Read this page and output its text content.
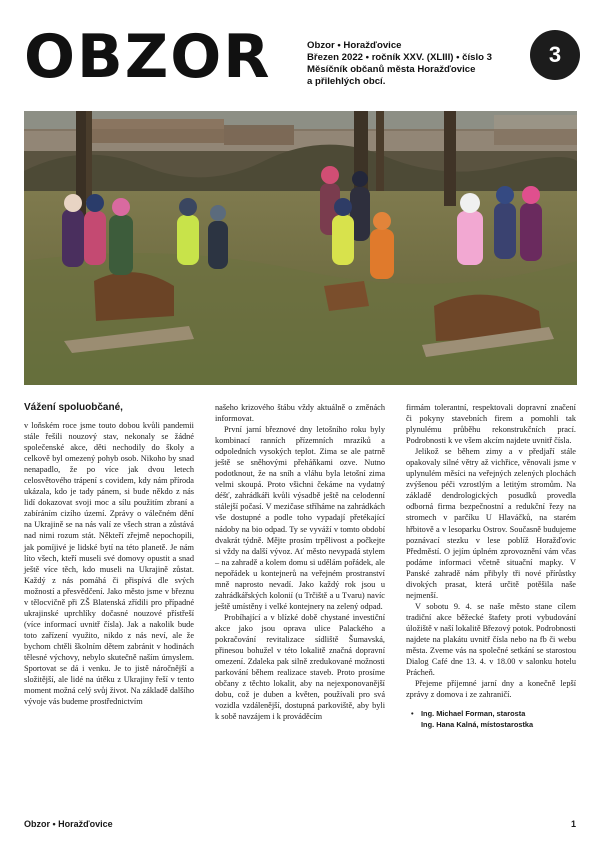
OBZOR	Obzor • Horažďovice
Březen 2022 • ročník XXV. (XLIII) • číslo 3
Měsíčník občanů města Horažďovice
a přilehlých obcí.
3
Vážení spoluobčané,

v loňském roce jsme touto dobou kvůli pandemii stále řešili nouzový stav, nekonaly se žádné společenské akce, děti nechodily do školy a celkově byl omezený pohyb osob. Nikoho by snad nenapadlo, že po více jak dvou letech celosvětového trápení s covidem, kdy nám příroda ukázala, kdo je tady pánem, si bude někdo z nás lidí dokazovat svoji moc a sílu použitím zbraní a zabíráním cizího území. Zprávy o válečném dění na Ukrajině se na nás valí ze všech stran a zůstává nad nimi rozum stát. Někteří zřejmě nepochopili, jak pomíjivé je lidské bytí na této planetě. Je nám líto všech, kteří museli své domovy opustit a snad ještě více těch, kdo museli na Ukrajině zůstat. Každý z nás pomáhá či přispívá dle svých možností a přesvědčení. Jako město jsme v březnu v tělocvičně při ZŠ Blatenská zřídili pro případné ukrajinské uprchlíky dočasné nouzové přístřeší (více informací uvnitř čísla). Jak a nakolik bude toto zařízení využito, nikdo z nás neví, ale že bychom chtěli školním dětem zabránit v hodinách tělesné výchovy, nebylo skutečně naším úmyslem. Sportovat se dá i venku. Je to jistě náročnější a složitější, ale lidé na útěku z Ukrajiny řeší v tento moment možná celý svůj život. Na základě dalšího vývoje vás budeme prostřednictvím

našeho krizového štábu vždy aktuálně o změnách informovat.

První jarní březnové dny letošního roku byly kombinací ranních přízemních mrazíků a odpoledních vysokých teplot. Zima se ale patrně ještě se sněhovými přeháňkami ozve. Nutno podotknout, že na sníh a vláhu byla letošní zima velmi skoupá. Proto všichni čekáme na vydatný déšť, zahrádkáři kvůli výsadbě ještě na celodenní stálejší počasí. V mezičase stříháme na zahrádkách vše dostupné a podle toho vypadají přetékající nádoby na bio odpad. Ty se vyváží v tomto období dvakrát týdně. Mějte prosím trpělivost a počkejte si vždy na další vývoz. Ať město nevypadá stylem – na zahradě a kolem domu si udělám pořádek, ale nepořádek u kontejnerů na veřejném prostranství mně naprosto nevadí. Jako každý rok jsou u zahrádkářských kolonií (u Trčiště a u Tvaru) navíc ještě umístěny i velké kontejnery na zelený odpad.

Probíhající a v blízké době chystané investiční akce jako jsou oprava ulice Palackého a pokračování revitalizace sídliště Šumavská, přinesou bohužel v této lokalitě značná dopravní omezení. Zdaleka pak silně zredukované možnosti parkování během realizace staveb. Proto prosíme občany z těchto lokalit, aby na nejexponovanější dobu, což je duben a květen, používali pro svá vozidla vzdálenější, dostupná parkoviště, aby byli k sobě navzájem i k prováděcím

firmám tolerantní, respektovali dopravní značení či pokyny stavebních firem a pomohli tak plynulému průběhu rekonstrukčních prací. Podrobnosti k ve všem akcím najdete uvnitř čísla.

Jelikož se během zimy a v předjaří stále opakovaly silné větry až vichřice, věnovali jsme v uplynulém měsíci na veřejných zelených plochách zvýšenou péči vzrostlým a letitým stromům. Na základě dendrologických posudků provedla odborná firma bezpečnostní a redukční řezy na stromech v parčíku U Hlaváčků, na starém hřbitově a v lesoparku Ostrov. Současně budujeme poznávací stezku v lese poblíž Horažďovic Předměstí. O jejím úplném zprovoznění vám včas podáme informaci včetně situační mapky. V Panské zahradě nám přibyly tři nové přírůstky divokých prasat, která určitě potěšila naše nejmenší.

V sobotu 9. 4. se naše město stane cílem tradiční akce běžecké štafety proti vybudování úložiště v naší lokalitě Březový potok. Podrobnosti najdete na plakátu uvnitř čísla nebo na fb či webu města. Zveme vás na společné setkání se starostou Dialog Café dne 13. 4. v 18.00 v salonku hotelu Prácheň.

Přejeme příjemné jarní dny a konečně lepší zprávy z domova i ze zahraničí.

• Ing. Michael Forman, starosta
Ing. Hana Kalná, místostarostka
Obzor • Horažďovice	1
